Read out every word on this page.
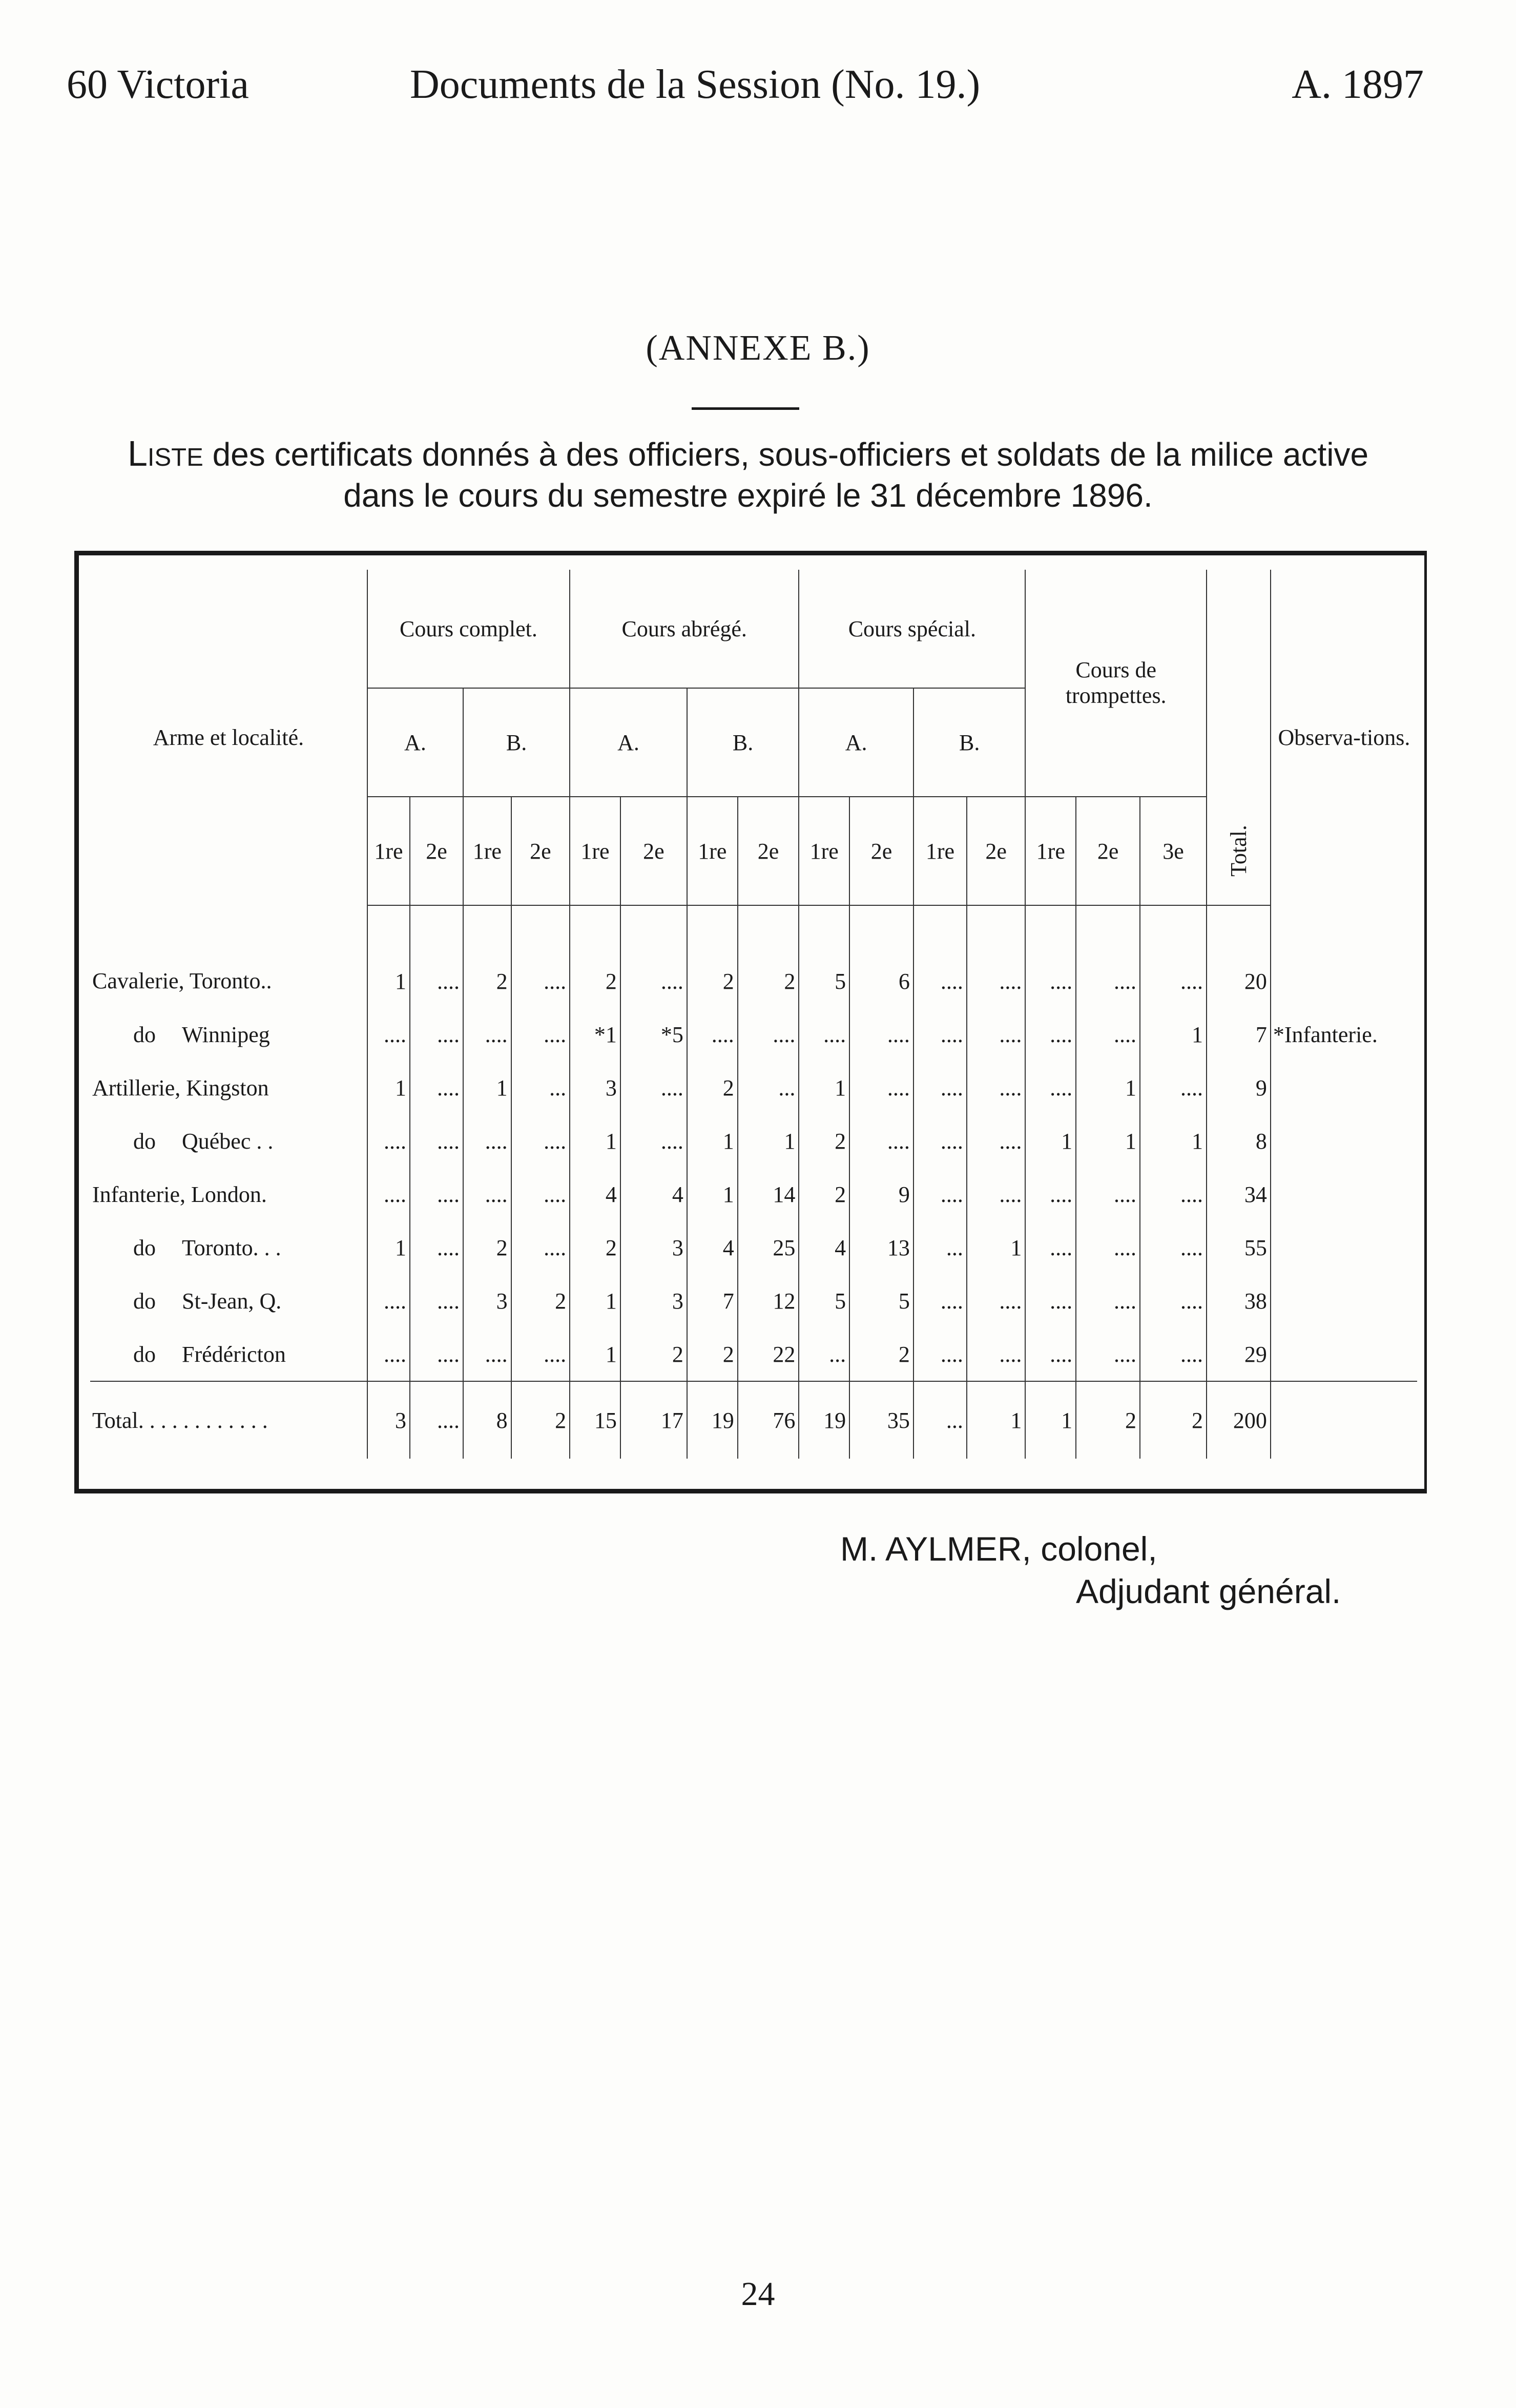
60 Victoria	Documents de la Session (No. 19.)	A. 1897
(ANNEXE B.)
Liste des certificats donnés à des officiers, sous-officiers et soldats de la milice active
dans le cours du semestre expiré le 31 décembre 1896.
Arme et localité.	Cours complet.				Cours abrégé.				Cours spécial.				Cours de trompettes.				Observa-tions.
	A.		B.		A.		B.		A.		B.						
	1re	2e	1re	2e	1re	2e	1re	2e	1re	2e	1re	2e	1re	2e	3e	Total.	
Cavalerie, Toronto..	1	....	2	....	2	....	2	2	5	6	....	....	....	....	....	20	
do Winnipeg	....	....	....	....	*1	*5	....	....	....	....	....	....	....	....	1	7	*Infanterie.
Artillerie, Kingston	1	....	1	...	3	....	2	...	1	....	....	....	....	1	....	9	
do Québec . .	....	....	....	....	1	....	1	1	2	....	....	....	1	1	1	8	
Infanterie, London.	....	....	....	....	4	4	1	14	2	9	....	....	....	....	....	34	
do Toronto. . .	1	....	2	....	2	3	4	25	4	13	...	1	....	....	....	55	
do St-Jean, Q.	....	....	3	2	1	3	7	12	5	5	....	....	....	....	....	38	
do Frédéricton	....	....	....	....	1	2	2	22	...	2	....	....	....	....	....	29	
Total. . . . . . . . . . . .	3	....	8	2	15	17	19	76	19	35	...	1	1	2	2	200	
M. AYLMER, colonel,
Adjudant général.
24
